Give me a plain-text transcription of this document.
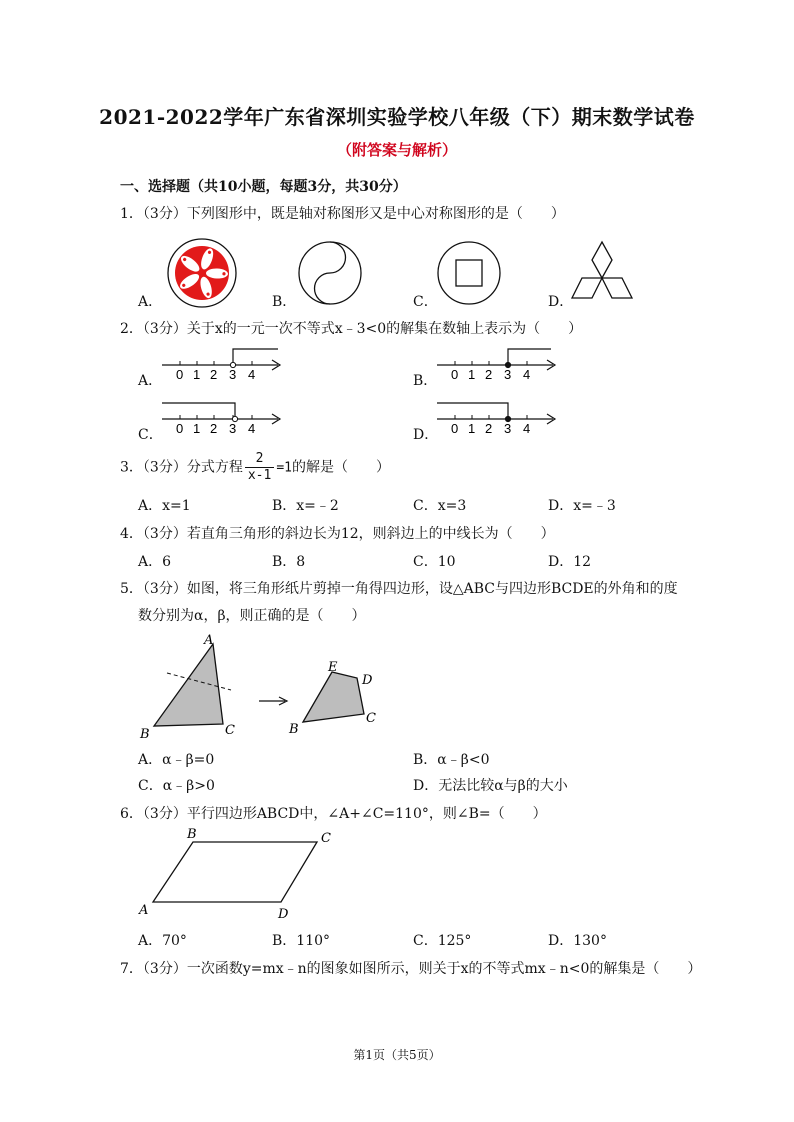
2021-2022学年广东省深圳实验学校八年级（下）期末数学试卷
（附答案与解析）
一、选择题（共10小题，每题3分，共30分）
1．（3分）下列图形中，既是轴对称图形又是中心对称图形的是（　　）
A．	B．	C．	D．
2．（3分）关于x的一元一次不等式x﹣3<0的解集在数轴上表示为（　　）
A． 0 1 2 3 4	B． 0 1 2 3 4
C． 0 1 2 3 4	D． 0 1 2 3 4
3．（3分）分式方程 $\frac{2}{x-1} =1$的解是（　　）
A．x=1	B．x=﹣2	C．x=3	D．x=﹣3
4．（3分）若直角三角形的斜边长为12，则斜边上的中线长为（　　）
A．6	B．8	C．10	D．12
5．（3分）如图，将三角形纸片剪掉一角得四边形，设△ABC与四边形BCDE的外角和的度
数分别为α，β，则正确的是（　　）
A
B	C
E
D
C
B
A．α﹣β=0	B．α﹣β<0
C．α﹣β>0	D．无法比较α与β的大小
6．（3分）平行四边形ABCD中，∠A+∠C=110°，则∠B=（　　）
B	C
A	D
A．70°	B．110°	C．125°	D．130°
7．（3分）一次函数y=mx﹣n的图象如图所示，则关于x的不等式mx﹣n<0的解集是（　　）
第1页（共5页）
